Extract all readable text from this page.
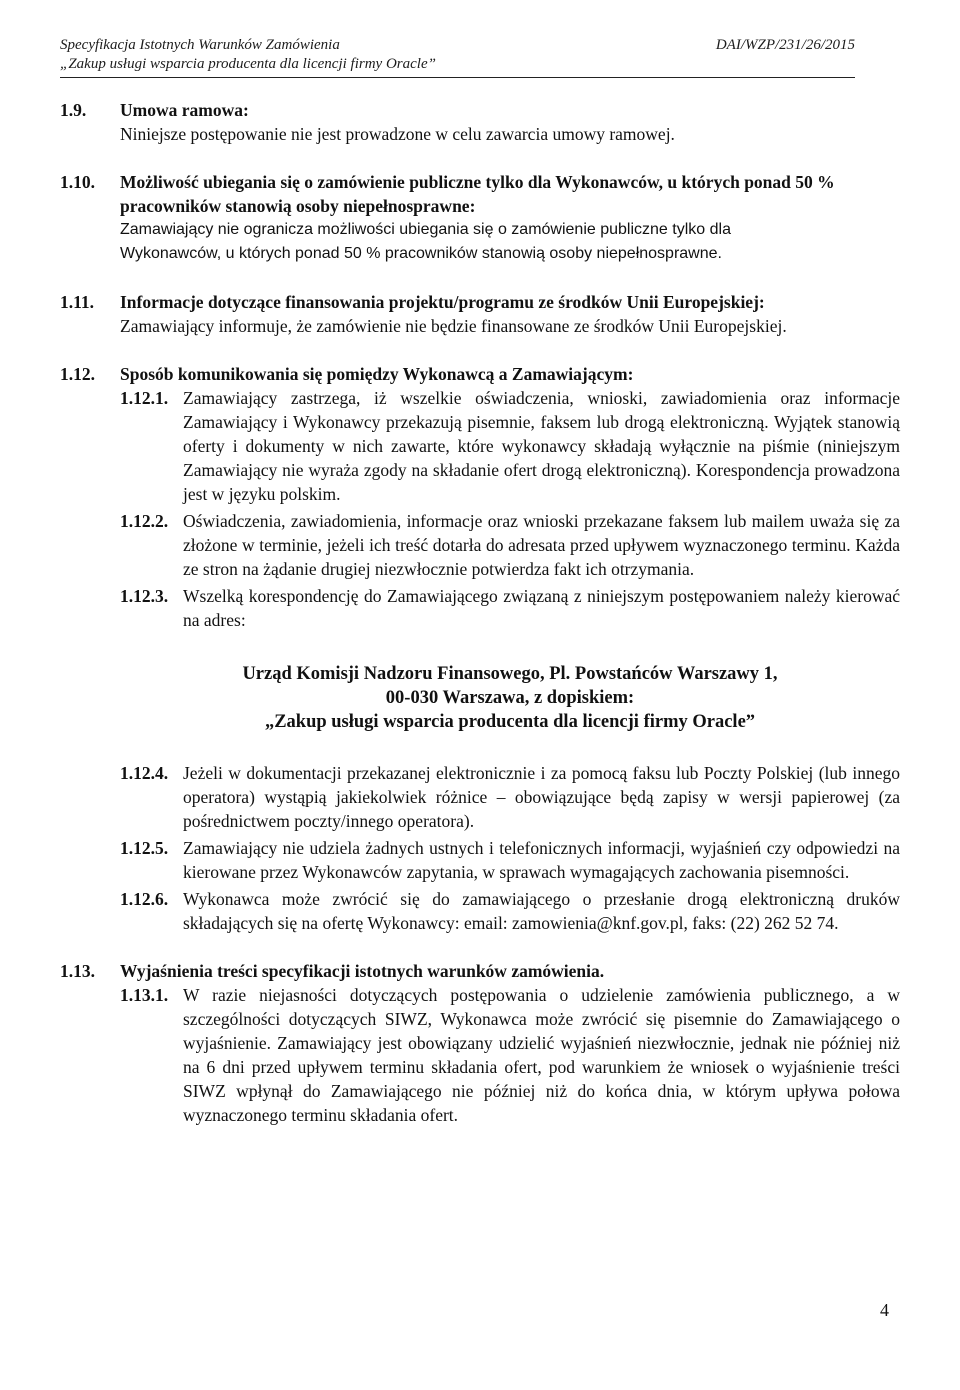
Specyfikacja Istotnych Warunków Zamówienia	DAI/WZP/231/26/2015
„Zakup usługi wsparcia producenta dla licencji firmy Oracle”
1.9. Umowa ramowa:

Niniejsze postępowanie nie jest prowadzone w celu zawarcia umowy ramowej.

1.10. Możliwość ubiegania się o zamówienie publiczne tylko dla Wykonawców, u których ponad 50 % pracowników stanowią osoby niepełnosprawne:

Zamawiający nie ogranicza możliwości ubiegania się o zamówienie publiczne tylko dla

Wykonawców, u których ponad 50 % pracowników stanowią osoby niepełnosprawne.

1.11. Informacje dotyczące finansowania projektu/programu ze środków Unii Europejskiej:

Zamawiający informuje, że zamówienie nie będzie finansowane ze środków Unii Europejskiej.

1.12. Sposób komunikowania się pomiędzy Wykonawcą a Zamawiającym:
1.12.1. Zamawiający zastrzega, iż wszelkie oświadczenia, wnioski, zawiadomienia oraz informacje Zamawiający i Wykonawcy przekazują pisemnie, faksem lub drogą elektroniczną. Wyjątek stanowią oferty i dokumenty w nich zawarte, które wykonawcy składają wyłącznie na piśmie (niniejszym Zamawiający nie wyraża zgody na składanie ofert drogą elektroniczną). Korespondencja prowadzona jest w języku polskim.

1.12.2. Oświadczenia, zawiadomienia, informacje oraz wnioski przekazane faksem lub mailem uważa się za złożone w terminie, jeżeli ich treść dotarła do adresata przed upływem wyznaczonego terminu. Każda ze stron na żądanie drugiej niezwłocznie potwierdza fakt ich otrzymania.

1.12.3. Wszelką korespondencję do Zamawiającego związaną z niniejszym postępowaniem należy kierować na adres:

Urząd Komisji Nadzoru Finansowego, Pl. Powstańców Warszawy 1,
00-030 Warszawa, z dopiskiem:
„Zakup usługi wsparcia producenta dla licencji firmy Oracle”
1.12.4. Jeżeli w dokumentacji przekazanej elektronicznie i za pomocą faksu lub Poczty Polskiej (lub innego operatora) wystąpią jakiekolwiek różnice – obowiązujące będą zapisy w wersji papierowej (za pośrednictwem poczty/innego operatora).

1.12.5. Zamawiający nie udziela żadnych ustnych i telefonicznych informacji, wyjaśnień czy odpowiedzi na kierowane przez Wykonawców zapytania, w sprawach wymagających zachowania pisemności.

1.12.6. Wykonawca może zwrócić się do zamawiającego o przesłanie drogą elektroniczną druków składających się na ofertę Wykonawcy: email: zamowienia@knf.gov.pl, faks: (22) 262 52 74.

1.13. Wyjaśnienia treści specyfikacji istotnych warunków zamówienia.
1.13.1. W razie niejasności dotyczących postępowania o udzielenie zamówienia publicznego, a w szczególności dotyczących SIWZ, Wykonawca może zwrócić się pisemnie do Zamawiającego o wyjaśnienie. Zamawiający jest obowiązany udzielić wyjaśnień niezwłocznie, jednak nie później niż na 6 dni przed upływem terminu składania ofert, pod warunkiem że wniosek o wyjaśnienie treści SIWZ wpłynął do Zamawiającego nie później niż do końca dnia, w którym upływa połowa wyznaczonego terminu składania ofert.

4
